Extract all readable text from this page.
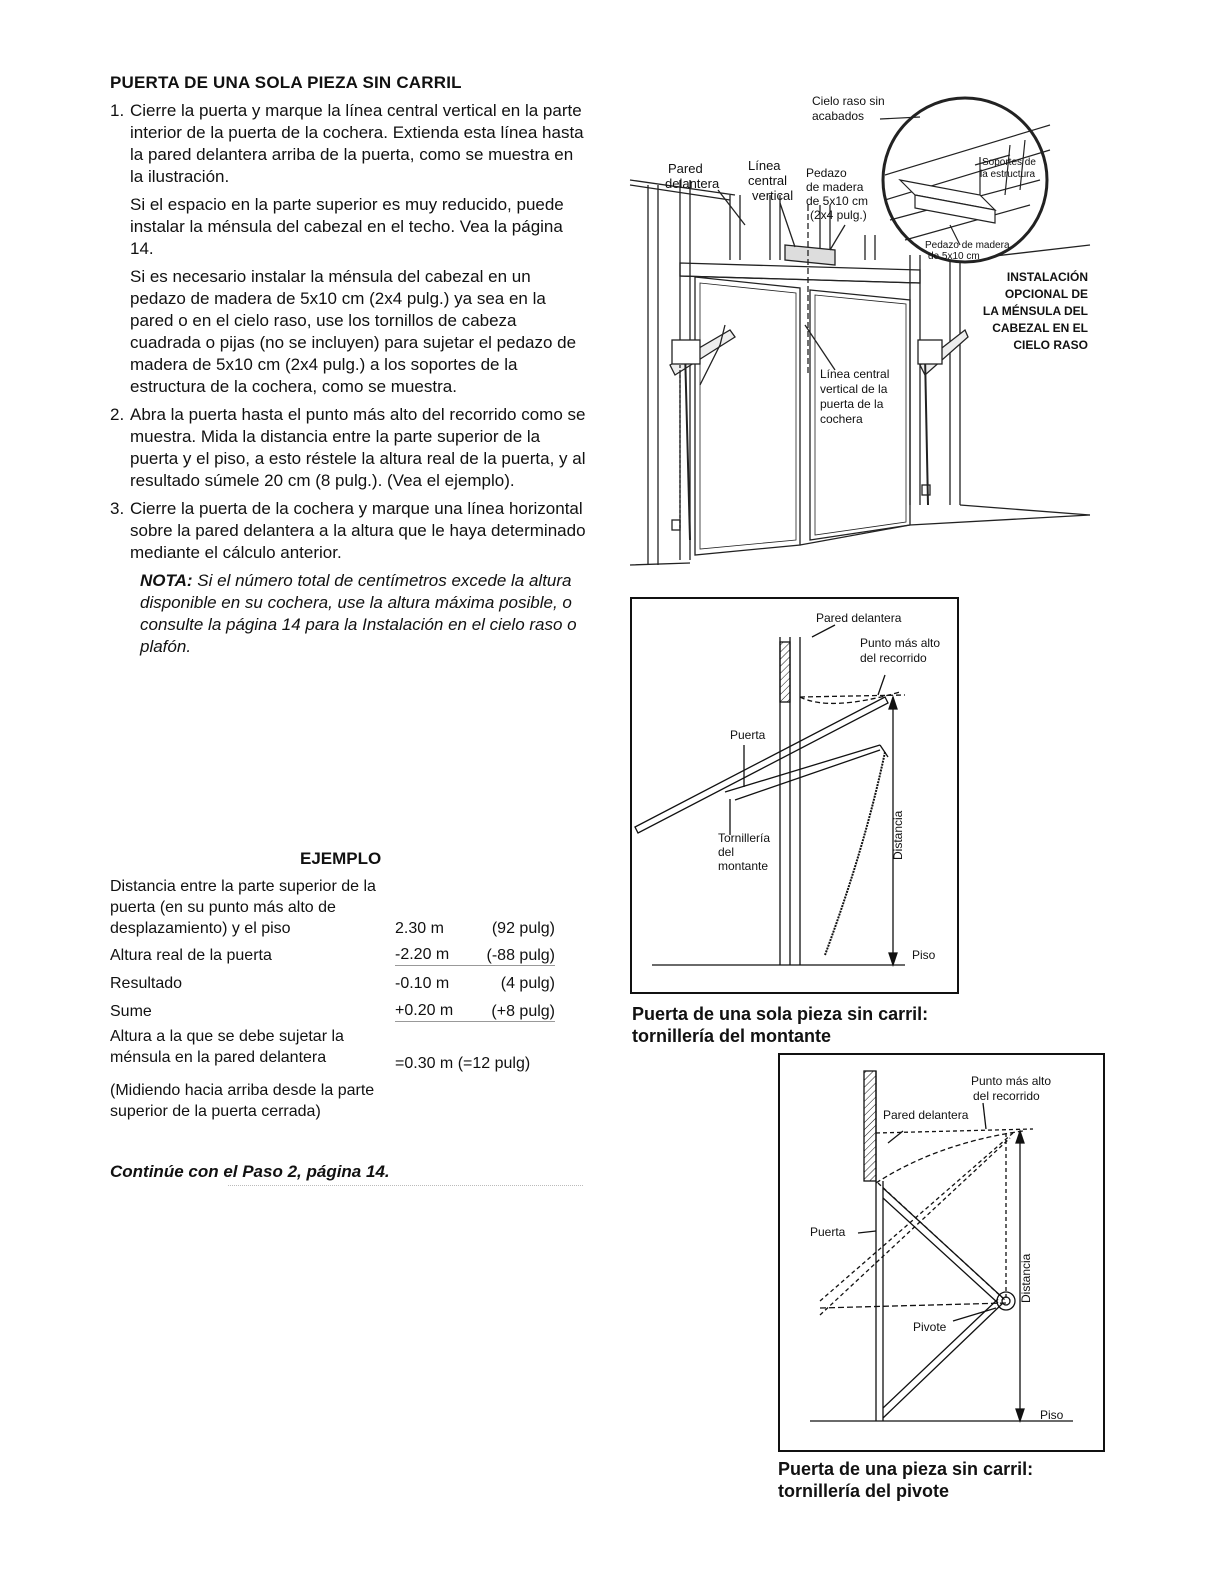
PUERTA DE UNA SOLA PIEZA SIN CARRIL
1. Cierre la puerta y marque la línea central vertical en la parte interior de la puerta de la cochera. Extienda esta línea hasta la pared delantera arriba de la puerta, como se muestra en la ilustración.

Si el espacio en la parte superior es muy reducido, puede instalar la ménsula del cabezal en el techo. Vea la página 14.

Si es necesario instalar la ménsula del cabezal en un pedazo de madera de 5x10 cm (2x4 pulg.) ya sea en la pared o en el cielo raso, use los tornillos de cabeza cuadrada o pijas (no se incluyen) para sujetar el pedazo de madera de 5x10 cm (2x4 pulg.) a los soportes de la estructura de la cochera, como se muestra.

2. Abra la puerta hasta el punto más alto del recorrido como se muestra. Mida la distancia entre la parte superior de la puerta y el piso, a esto réstele la altura real de la puerta, y al resultado súmele 20 cm (8 pulg.). (Vea el ejemplo).

3. Cierre la puerta de la cochera y marque una línea horizontal sobre la pared delantera a la altura que le haya determinado mediante el cálculo anterior.

NOTA: Si el número total de centímetros excede la altura disponible en su cochera, use la altura máxima posible, o consulte la página 14 para la Instalación en el cielo raso o plafón.
EJEMPLO
Distancia entre la parte superior de la puerta (en su punto más alto de desplazamiento) y el piso	2.30 m	(92 pulg)
Altura real de la puerta	-2.20 m	(-88 pulg)
Resultado	-0.10 m	(4 pulg)
Sume	+0.20 m	(+8 pulg)
Altura a la que se debe sujetar la ménsula en la pared delantera	=0.30 m (=12 pulg)
(Midiendo hacia arriba desde la parte superior de la puerta cerrada)
Continúe con el Paso 2, página 14.
Cielo raso sin
acabados
Pared
delantera
Línea
central
vertical
Pedazo
de madera
de 5x10 cm
(2x4 pulg.)
Soportes de
la estructura
Pedazo de madera
de 5x10 cm
Línea central
vertical de la
puerta de la
cochera
INSTALACIÓN
OPCIONAL DE
LA MÉNSULA DEL
CABEZAL EN EL
CIELO RASO
Pared delantera
Punto más alto
del recorrido
Puerta
Tornillería
del
montante
Distancia
Piso
Puerta de una sola pieza sin carril:
tornillería del montante
Punto más alto
del recorrido
Pared delantera
Puerta
Distancia
Pivote
Piso
Puerta de una pieza sin carril:
tornillería del pivote
